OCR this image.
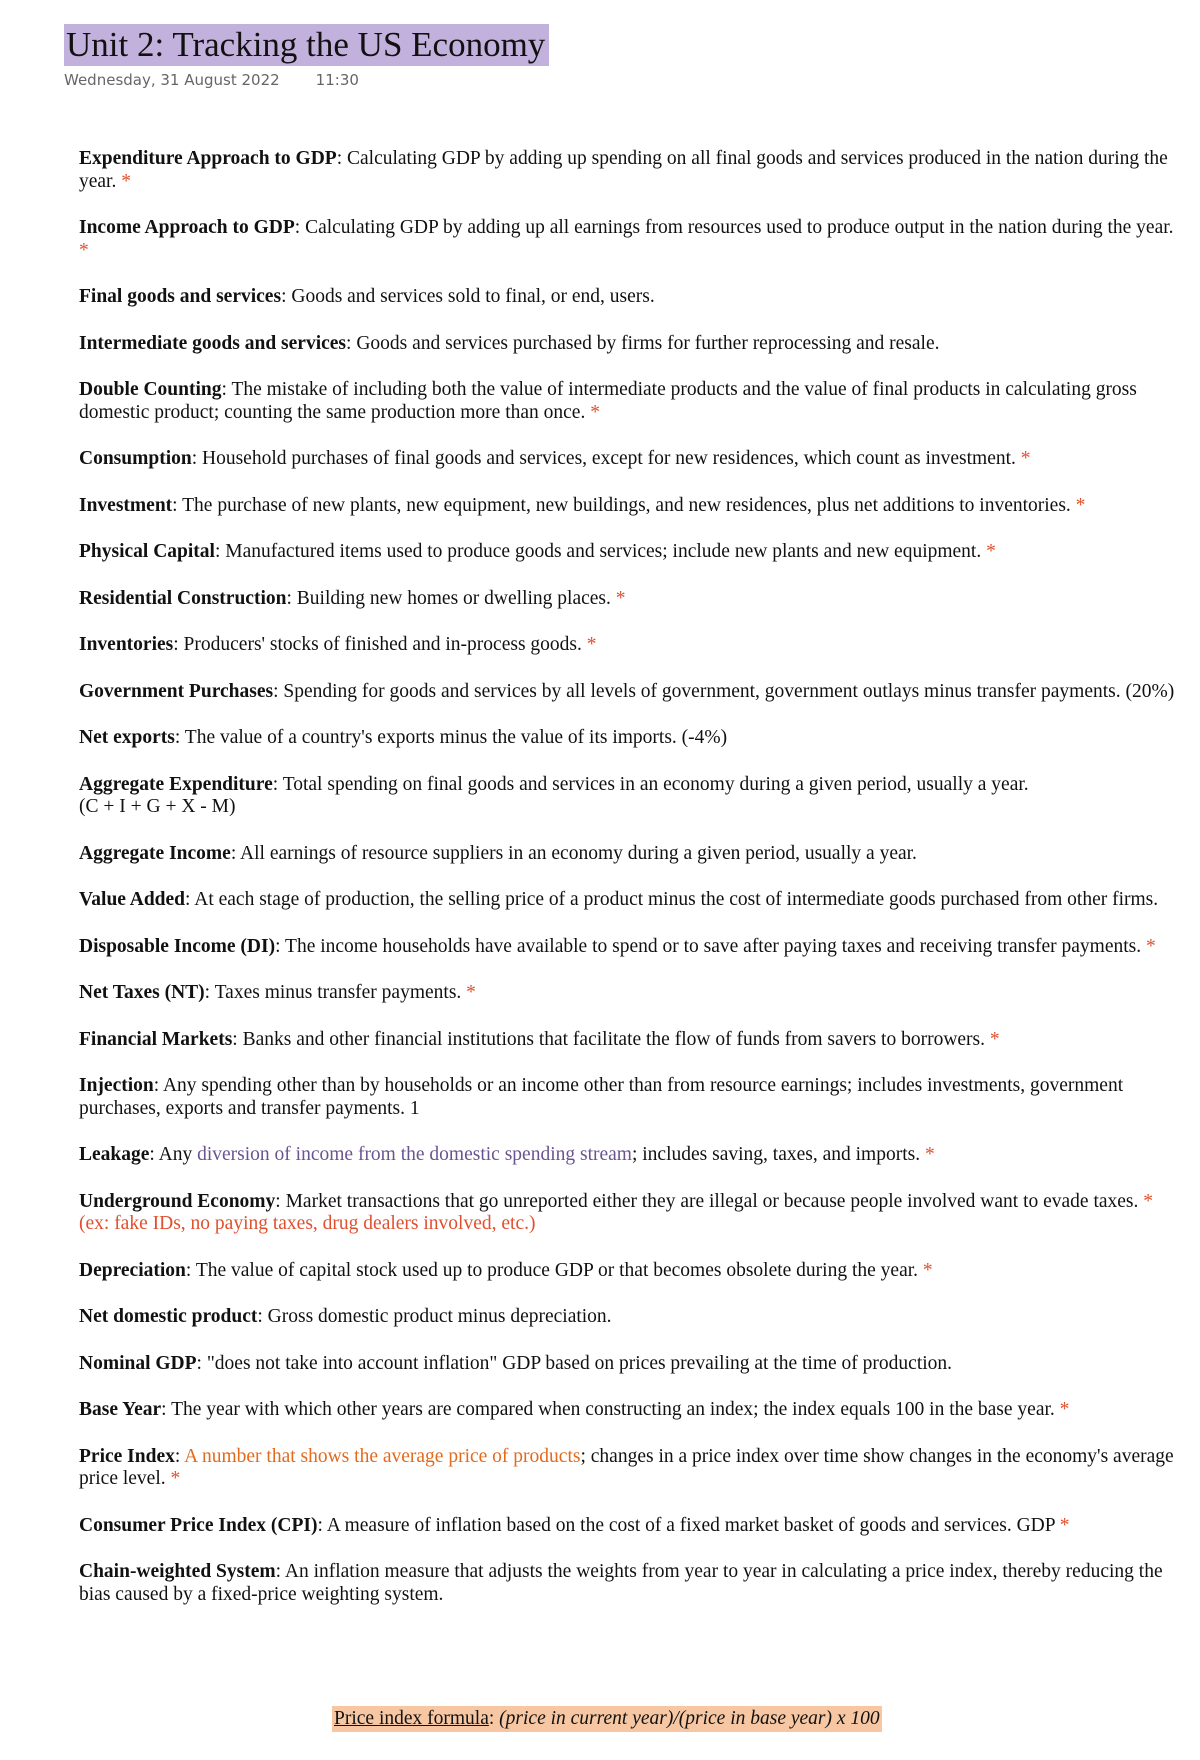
Unit 2: Tracking the US Economy
Wednesday, 31 August 2022 11:30
Expenditure Approach to GDP: Calculating GDP by adding up spending on all final goods and services produced in the nation during the year. *
Income Approach to GDP: Calculating GDP by adding up all earnings from resources used to produce output in the nation during the year. *
Final goods and services: Goods and services sold to final, or end, users.
Intermediate goods and services: Goods and services purchased by firms for further reprocessing and resale.
Double Counting: The mistake of including both the value of intermediate products and the value of final products in calculating gross domestic product; counting the same production more than once. *
Consumption: Household purchases of final goods and services, except for new residences, which count as investment. *
Investment: The purchase of new plants, new equipment, new buildings, and new residences, plus net additions to inventories. *
Physical Capital: Manufactured items used to produce goods and services; include new plants and new equipment. *
Residential Construction: Building new homes or dwelling places. *
Inventories: Producers' stocks of finished and in-process goods. *
Government Purchases: Spending for goods and services by all levels of government, government outlays minus transfer payments. (20%)
Net exports: The value of a country's exports minus the value of its imports. (-4%)
Aggregate Expenditure: Total spending on final goods and services in an economy during a given period, usually a year.
(C + I + G + X - M)
Aggregate Income: All earnings of resource suppliers in an economy during a given period, usually a year.
Value Added: At each stage of production, the selling price of a product minus the cost of intermediate goods purchased from other firms.
Disposable Income (DI): The income households have available to spend or to save after paying taxes and receiving transfer payments. *
Net Taxes (NT): Taxes minus transfer payments. *
Financial Markets: Banks and other financial institutions that facilitate the flow of funds from savers to borrowers. *
Injection: Any spending other than by households or an income other than from resource earnings; includes investments, government purchases, exports and transfer payments. 1
Leakage: Any diversion of income from the domestic spending stream; includes saving, taxes, and imports. *
Underground Economy: Market transactions that go unreported either they are illegal or because people involved want to evade taxes. * (ex: fake IDs, no paying taxes, drug dealers involved, etc.)
Depreciation: The value of capital stock used up to produce GDP or that becomes obsolete during the year. *
Net domestic product: Gross domestic product minus depreciation.
Nominal GDP: "does not take into account inflation" GDP based on prices prevailing at the time of production.
Base Year: The year with which other years are compared when constructing an index; the index equals 100 in the base year. *
Price Index: A number that shows the average price of products; changes in a price index over time show changes in the economy's average price level. *
Consumer Price Index (CPI): A measure of inflation based on the cost of a fixed market basket of goods and services. GDP *
Chain-weighted System: An inflation measure that adjusts the weights from year to year in calculating a price index, thereby reducing the bias caused by a fixed-price weighting system.
Price index formula: (price in current year)/(price in base year) x 100
